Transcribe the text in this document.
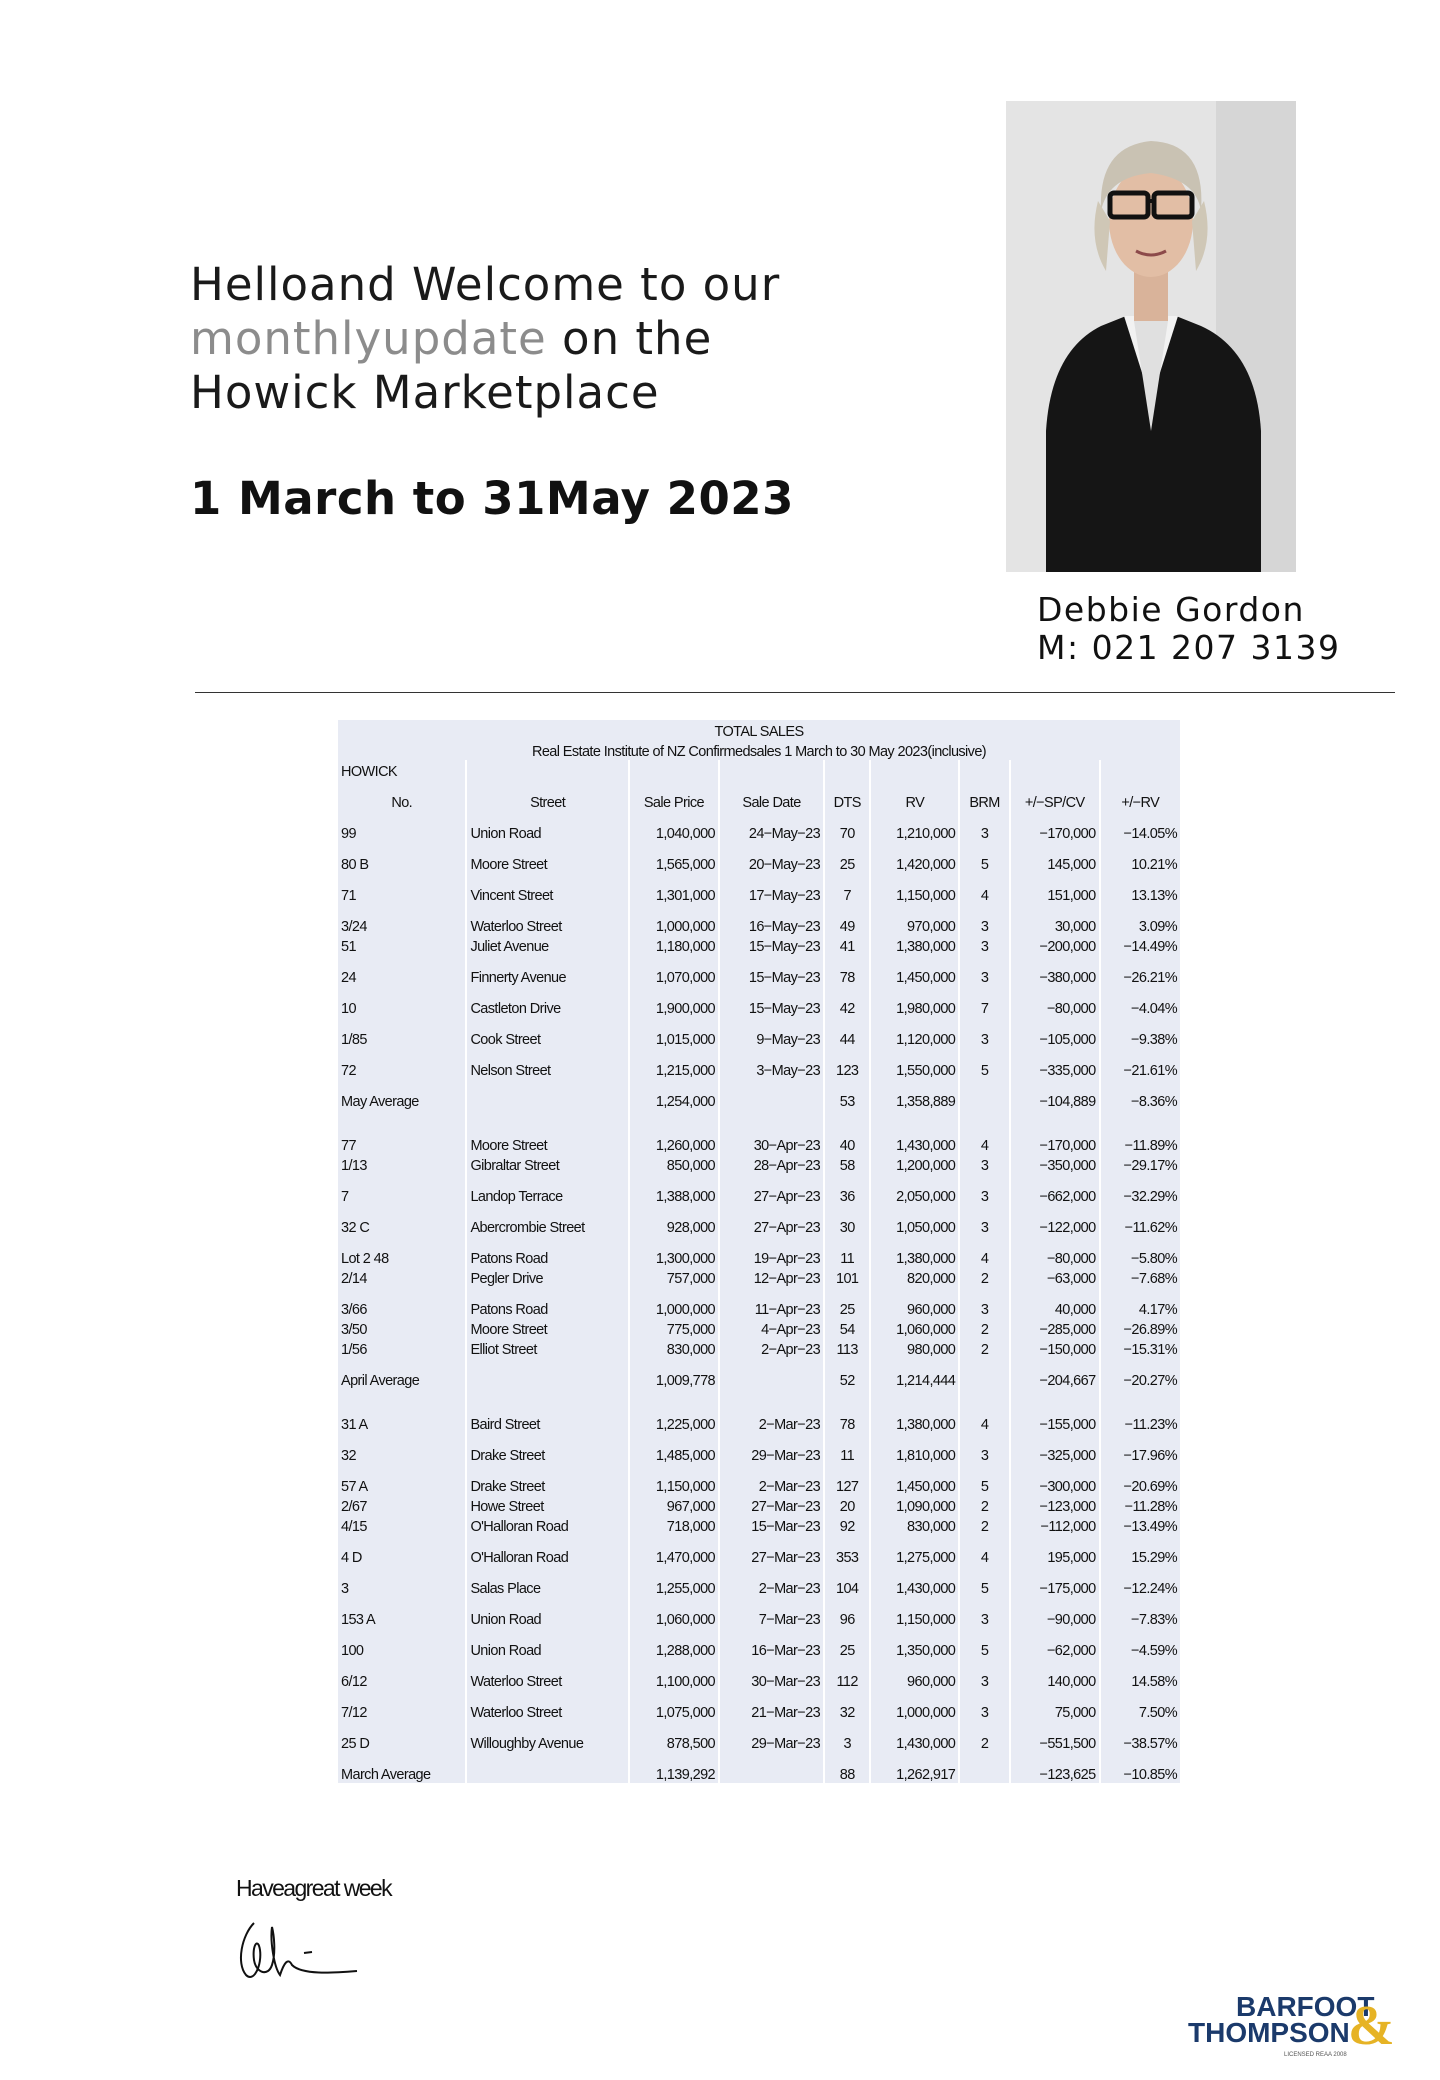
Helloand Welcome to our
monthlyupdate on the
Howick Marketplace
1 March to 31May 2023
Debbie Gordon
M: 021 207 3139
TOTAL SALES								
Real Estate Institute of NZ Confirmedsales 1 March to 30 May 2023(inclusive)								
HOWICK								
No.	Street	Sale Price	Sale Date	DTS	RV	BRM	+/−SP/CV	+/−RV
99	Union Road	1,040,000	24−May−23	70	1,210,000	3	−170,000	−14.05%
80 B	Moore Street	1,565,000	20−May−23	25	1,420,000	5	145,000	10.21%
71	Vincent Street	1,301,000	17−May−23	7	1,150,000	4	151,000	13.13%
3/24	Waterloo Street	1,000,000	16−May−23	49	970,000	3	30,000	3.09%
51	Juliet Avenue	1,180,000	15−May−23	41	1,380,000	3	−200,000	−14.49%
24	Finnerty Avenue	1,070,000	15−May−23	78	1,450,000	3	−380,000	−26.21%
10	Castleton Drive	1,900,000	15−May−23	42	1,980,000	7	−80,000	−4.04%
1/85	Cook Street	1,015,000	9−May−23	44	1,120,000	3	−105,000	−9.38%
72	Nelson Street	1,215,000	3−May−23	123	1,550,000	5	−335,000	−21.61%
May Average		1,254,000		53	1,358,889		−104,889	−8.36%

77	Moore Street	1,260,000	30−Apr−23	40	1,430,000	4	−170,000	−11.89%
1/13	Gibraltar Street	850,000	28−Apr−23	58	1,200,000	3	−350,000	−29.17%
7	Landop Terrace	1,388,000	27−Apr−23	36	2,050,000	3	−662,000	−32.29%
32 C	Abercrombie Street	928,000	27−Apr−23	30	1,050,000	3	−122,000	−11.62%
Lot 2 48	Patons Road	1,300,000	19−Apr−23	11	1,380,000	4	−80,000	−5.80%
2/14	Pegler Drive	757,000	12−Apr−23	101	820,000	2	−63,000	−7.68%
3/66	Patons Road	1,000,000	11−Apr−23	25	960,000	3	40,000	4.17%
3/50	Moore Street	775,000	4−Apr−23	54	1,060,000	2	−285,000	−26.89%
1/56	Elliot Street	830,000	2−Apr−23	113	980,000	2	−150,000	−15.31%
April Average		1,009,778		52	1,214,444		−204,667	−20.27%

31 A	Baird Street	1,225,000	2−Mar−23	78	1,380,000	4	−155,000	−11.23%
32	Drake Street	1,485,000	29−Mar−23	11	1,810,000	3	−325,000	−17.96%
57 A	Drake Street	1,150,000	2−Mar−23	127	1,450,000	5	−300,000	−20.69%
2/67	Howe Street	967,000	27−Mar−23	20	1,090,000	2	−123,000	−11.28%
4/15	O'Halloran Road	718,000	15−Mar−23	92	830,000	2	−112,000	−13.49%
4 D	O'Halloran Road	1,470,000	27−Mar−23	353	1,275,000	4	195,000	15.29%
3	Salas Place	1,255,000	2−Mar−23	104	1,430,000	5	−175,000	−12.24%
153 A	Union Road	1,060,000	7−Mar−23	96	1,150,000	3	−90,000	−7.83%
100	Union Road	1,288,000	16−Mar−23	25	1,350,000	5	−62,000	−4.59%
6/12	Waterloo Street	1,100,000	30−Mar−23	112	960,000	3	140,000	14.58%
7/12	Waterloo Street	1,075,000	21−Mar−23	32	1,000,000	3	75,000	7.50%
25 D	Willoughby Avenue	878,500	29−Mar−23	3	1,430,000	2	−551,500	−38.57%
March Average		1,139,292		88	1,262,917		−123,625	−10.85%
Haveagreat week
BARFOOT
THOMPSON
&
LICENSED REAA 2008
